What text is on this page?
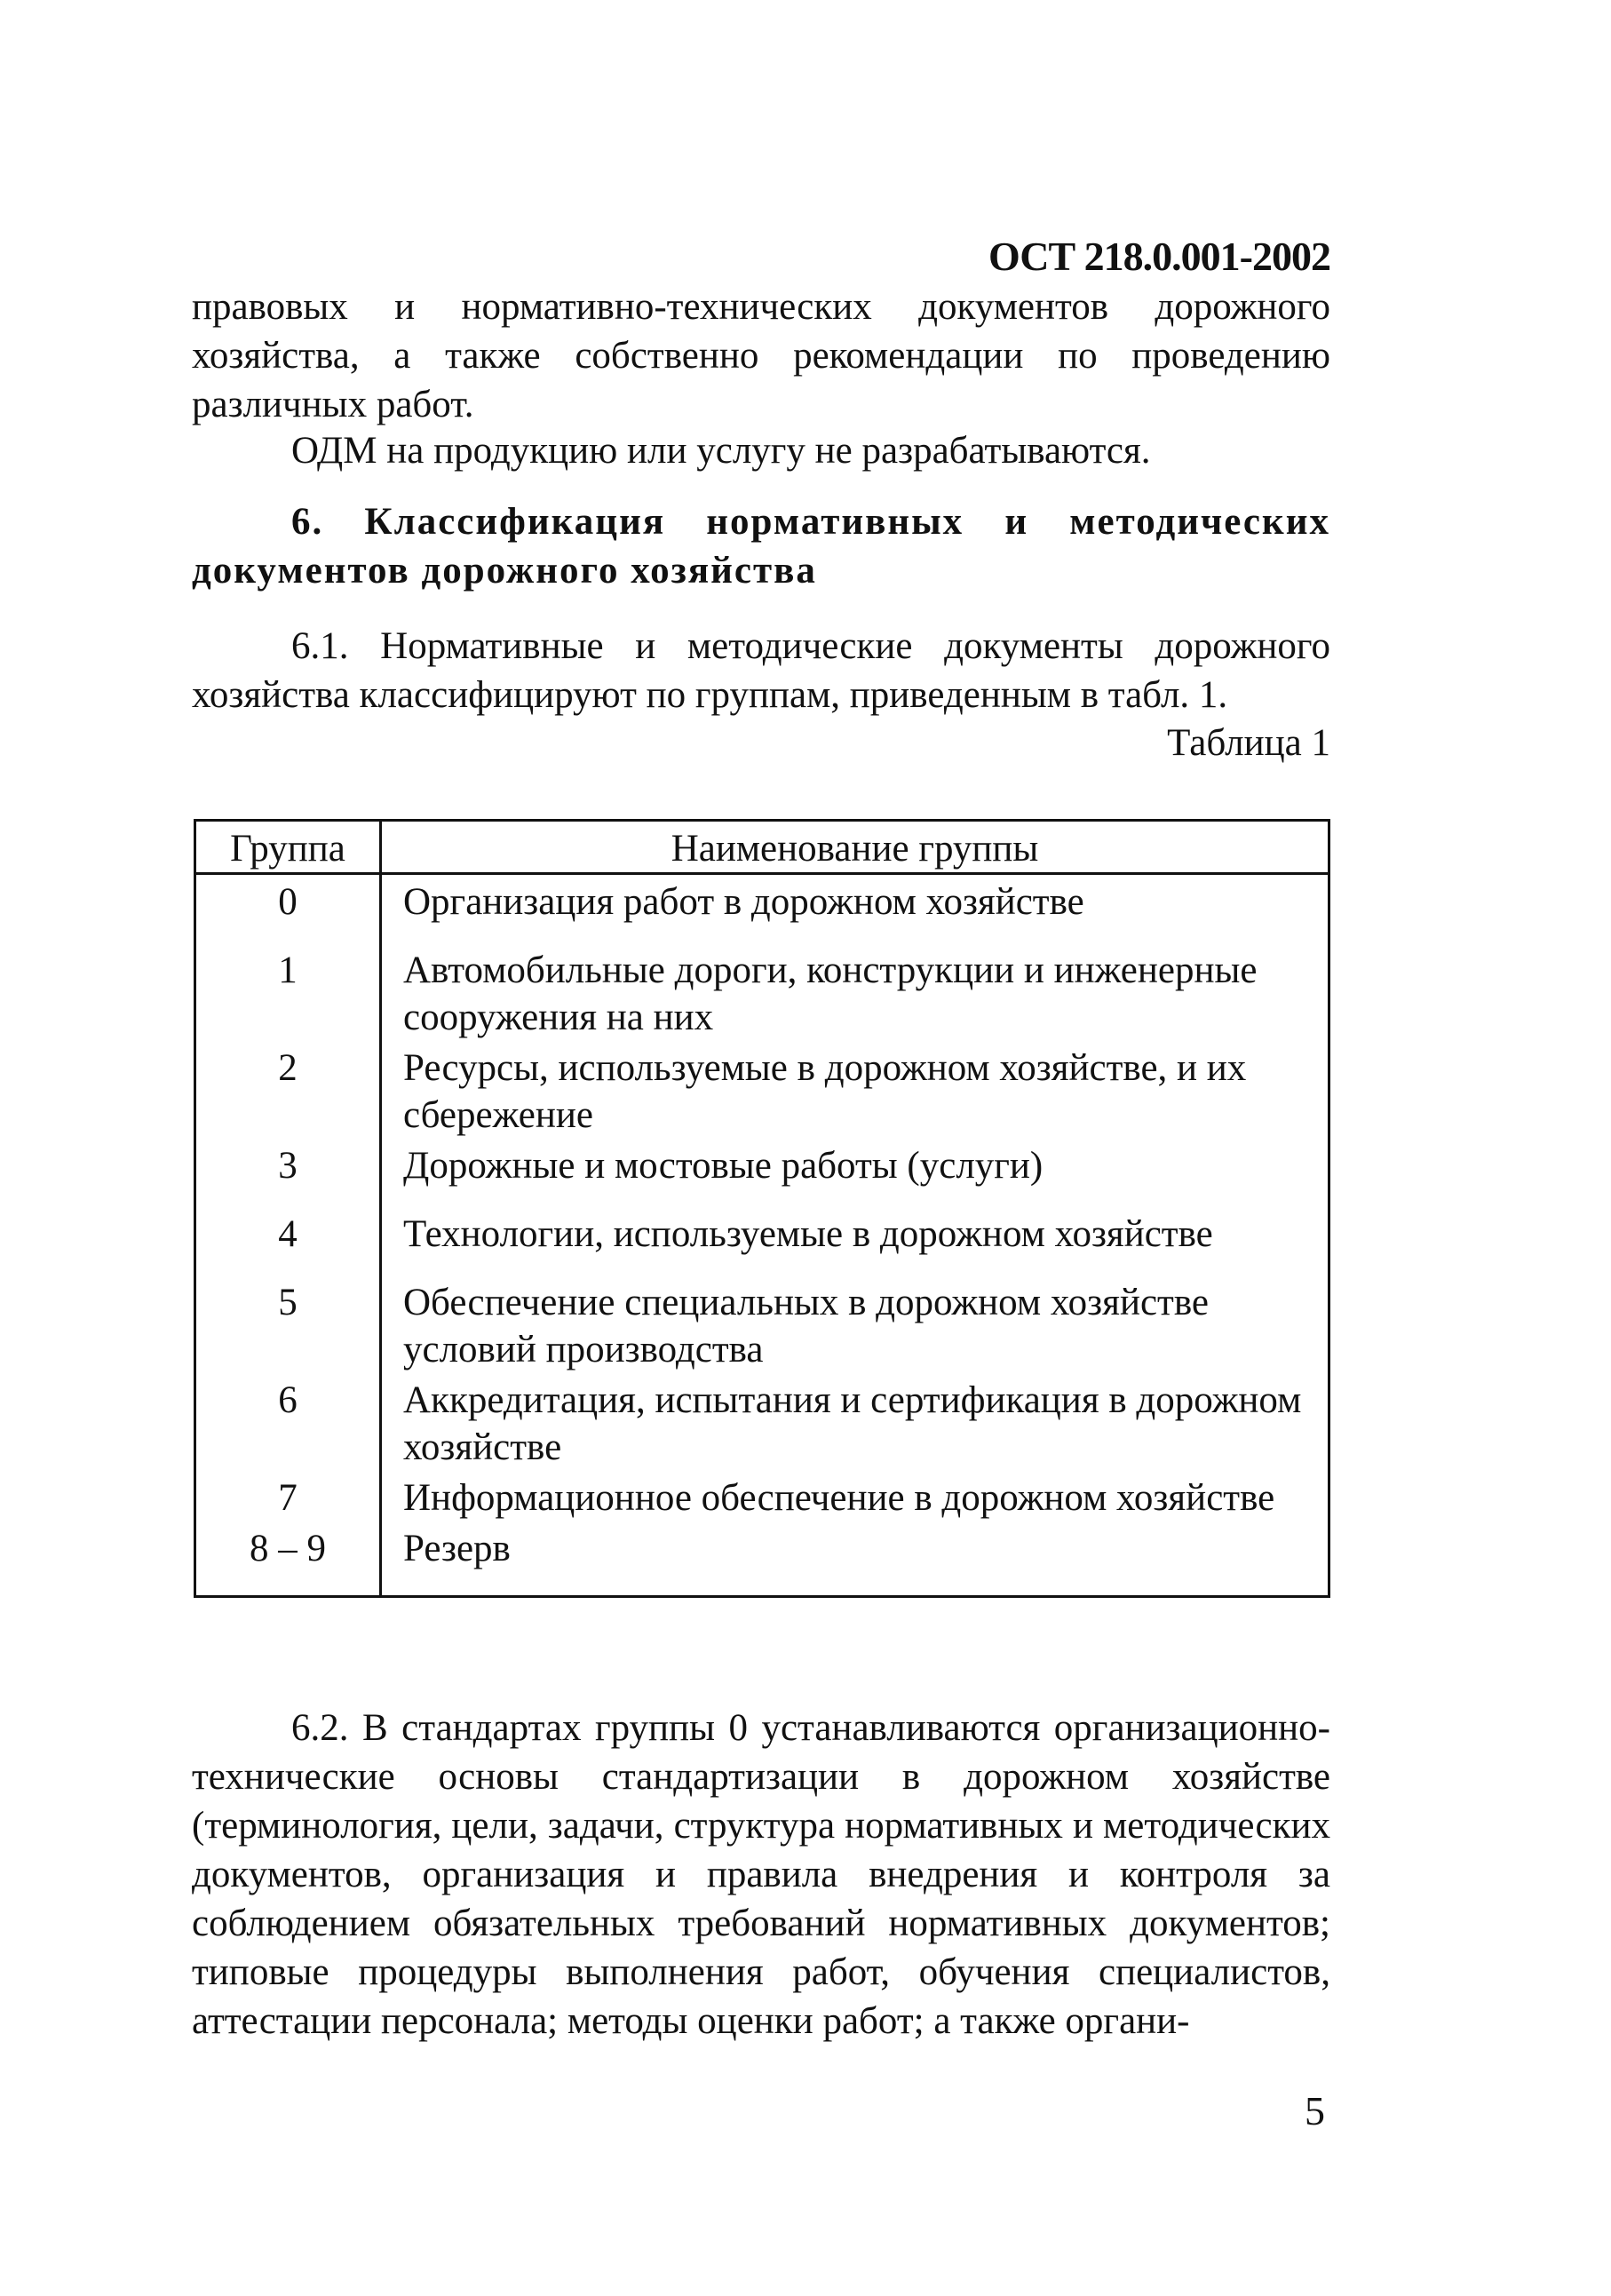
ОСТ 218.0.001-2002
правовых и нормативно-технических документов дорожного хозяйства, а также собственно рекомендации по проведению различных работ.
ОДМ на продукцию или услугу не разрабатываются.
6. Классификация нормативных и методических документов дорожного хозяйства
6.1. Нормативные и методические документы дорожного хозяйства классифицируют по группам, приведенным в табл. 1.
Таблица 1
Группа	Наименование группы
0	Организация работ в дорожном хозяйстве
1	Автомобильные дороги, конструкции и инженерные сооружения на них
2	Ресурсы, используемые в дорожном хозяйстве, и их сбережение
3	Дорожные и мостовые работы (услуги)
4	Технологии, используемые в дорожном хозяйстве
5	Обеспечение специальных в дорожном хозяйстве условий производства
6	Аккредитация, испытания и сертификация в дорожном хозяйстве
7	Информационное обеспечение в дорожном хозяйстве
8 – 9	Резерв
6.2. В стандартах группы 0 устанавливаются организационно-технические основы стандартизации в дорожном хозяйстве (терминология, цели, задачи, структура нормативных и методических документов, организация и правила внедрения и контроля за соблюдением обязательных требований нормативных документов; типовые процедуры выполнения работ, обучения специалистов, аттестации персонала; методы оценки работ; а также органи-
5
